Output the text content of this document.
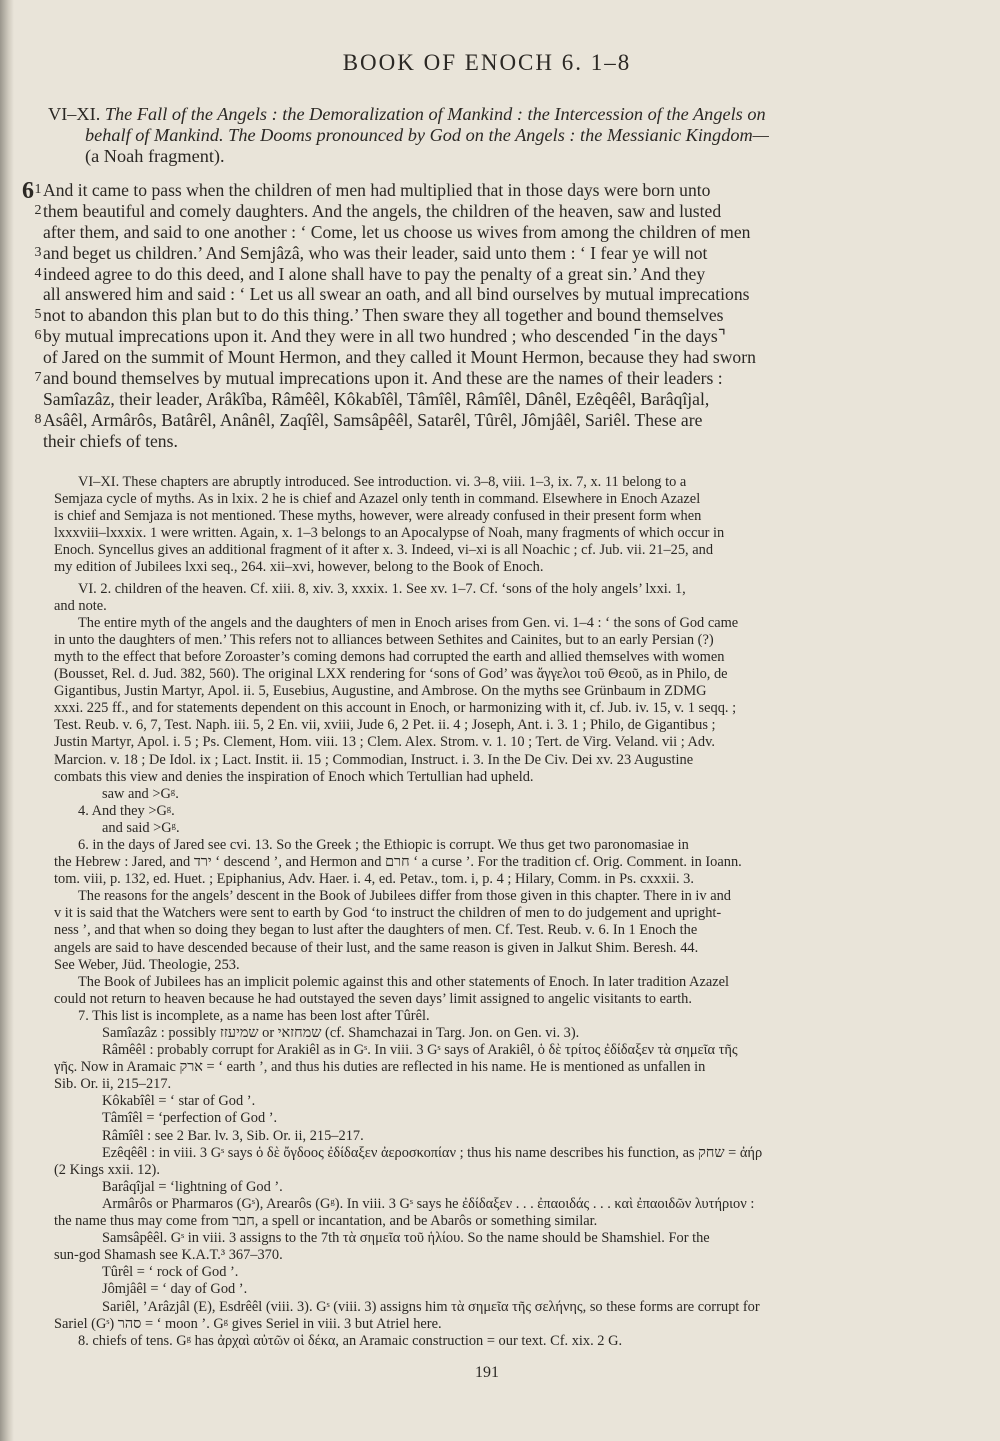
BOOK OF ENOCH 6. 1–8
VI–XI. The Fall of the Angels : the Demoralization of Mankind : the Intercession of the Angels on
behalf of Mankind. The Dooms pronounced by God on the Angels : the Messianic Kingdom—
(a Noah fragment).
6 1 And it came to pass when the children of men had multiplied that in those days were born unto
2 them beautiful and comely daughters. And the angels, the children of the heaven, saw and lusted
after them, and said to one another : ‘ Come, let us choose us wives from among the children of men
3 and beget us children.’ And Semjâzâ, who was their leader, said unto them : ‘ I fear ye will not
4 indeed agree to do this deed, and I alone shall have to pay the penalty of a great sin.’ And they
all answered him and said : ‘ Let us all swear an oath, and all bind ourselves by mutual imprecations
5 not to abandon this plan but to do this thing.’ Then sware they all together and bound themselves
6 by mutual imprecations upon it. And they were in all two hundred ; who descended ⌜in the days⌝
of Jared on the summit of Mount Hermon, and they called it Mount Hermon, because they had sworn
7 and bound themselves by mutual imprecations upon it. And these are the names of their leaders :
Samîazâz, their leader, Arâkîba, Râmêêl, Kôkabîêl, Tâmîêl, Râmîêl, Dânêl, Ezêqêêl, Barâqîjal,
8 Asâêl, Armârôs, Batârêl, Anânêl, Zaqîêl, Samsâpêêl, Satarêl, Tûrêl, Jômjâêl, Sariêl. These are
their chiefs of tens.
VI–XI. These chapters are abruptly introduced. See introduction. vi. 3–8, viii. 1–3, ix. 7, x. 11 belong to a
Semjaza cycle of myths. As in lxix. 2 he is chief and Azazel only tenth in command. Elsewhere in Enoch Azazel
is chief and Semjaza is not mentioned. These myths, however, were already confused in their present form when
lxxxviii–lxxxix. 1 were written. Again, x. 1–3 belongs to an Apocalypse of Noah, many fragments of which occur in
Enoch. Syncellus gives an additional fragment of it after x. 3. Indeed, vi–xi is all Noachic ; cf. Jub. vii. 21–25, and
my edition of Jubilees lxxi seq., 264. xii–xvi, however, belong to the Book of Enoch.
VI. 2. children of the heaven. Cf. xiii. 8, xiv. 3, xxxix. 1. See xv. 1–7. Cf. ‘sons of the holy angels’ lxxi. 1,
and note.
The entire myth of the angels and the daughters of men in Enoch arises from Gen. vi. 1–4 : ‘ the sons of God came
in unto the daughters of men.’ This refers not to alliances between Sethites and Cainites, but to an early Persian (?)
myth to the effect that before Zoroaster’s coming demons had corrupted the earth and allied themselves with women
(Bousset, Rel. d. Jud. 382, 560). The original LXX rendering for ‘sons of God’ was ἄγγελοι τοῦ Θεοῦ, as in Philo, de
Gigantibus, Justin Martyr, Apol. ii. 5, Eusebius, Augustine, and Ambrose. On the myths see Grünbaum in ZDMG
xxxi. 225 ff., and for statements dependent on this account in Enoch, or harmonizing with it, cf. Jub. iv. 15, v. 1 seqq. ;
Test. Reub. v. 6, 7, Test. Naph. iii. 5, 2 En. vii, xviii, Jude 6, 2 Pet. ii. 4 ; Joseph, Ant. i. 3. 1 ; Philo, de Gigantibus ;
Justin Martyr, Apol. i. 5 ; Ps. Clement, Hom. viii. 13 ; Clem. Alex. Strom. v. 1. 10 ; Tert. de Virg. Veland. vii ; Adv.
Marcion. v. 18 ; De Idol. ix ; Lact. Instit. ii. 15 ; Commodian, Instruct. i. 3. In the De Civ. Dei xv. 23 Augustine
combats this view and denies the inspiration of Enoch which Tertullian had upheld.
saw and >Gᵍ.
4. And they >Gᵍ.
and said >Gᵍ.
6. in the days of Jared see cvi. 13. So the Greek ; the Ethiopic is corrupt. We thus get two paronomasiae in
the Hebrew : Jared, and ירד ‘ descend ’, and Hermon and חרם ‘ a curse ’. For the tradition cf. Orig. Comment. in Ioann.
tom. viii, p. 132, ed. Huet. ; Epiphanius, Adv. Haer. i. 4, ed. Petav., tom. i, p. 4 ; Hilary, Comm. in Ps. cxxxii. 3.
The reasons for the angels’ descent in the Book of Jubilees differ from those given in this chapter. There in iv and
v it is said that the Watchers were sent to earth by God ‘to instruct the children of men to do judgement and upright-
ness ’, and that when so doing they began to lust after the daughters of men. Cf. Test. Reub. v. 6. In 1 Enoch the
angels are said to have descended because of their lust, and the same reason is given in Jalkut Shim. Beresh. 44.
See Weber, Jüd. Theologie, 253.
The Book of Jubilees has an implicit polemic against this and other statements of Enoch. In later tradition Azazel
could not return to heaven because he had outstayed the seven days’ limit assigned to angelic visitants to earth.
7. This list is incomplete, as a name has been lost after Tûrêl.
Samîazâz : possibly שמיעזז or שמחזאי (cf. Shamchazai in Targ. Jon. on Gen. vi. 3).
Râmêêl : probably corrupt for Arakiêl as in Gˢ. In viii. 3 Gˢ says of Arakiêl, ὁ δὲ τρίτος ἐδίδαξεν τὰ σημεῖα τῆς
γῆς. Now in Aramaic ארק = ‘ earth ’, and thus his duties are reflected in his name. He is mentioned as unfallen in
Sib. Or. ii, 215–217.
Kôkabîêl = ‘ star of God ’.
Tâmîêl = ‘perfection of God ’.
Râmîêl : see 2 Bar. lv. 3, Sib. Or. ii, 215–217.
Ezêqêêl : in viii. 3 Gˢ says ὁ δὲ ὄγδοος ἐδίδαξεν ἀεροσκοπίαν ; thus his name describes his function, as שחק = ἀήρ
(2 Kings xxii. 12).
Barâqîjal = ‘lightning of God ’.
Armârôs or Pharmaros (Gˢ), Arearôs (Gᵍ). In viii. 3 Gˢ says he ἐδίδαξεν . . . ἐπαοιδάς . . . καὶ ἐπαοιδῶν λυτήριον :
the name thus may come from חבר, a spell or incantation, and be Abarôs or something similar.
Samsâpêêl. Gˢ in viii. 3 assigns to the 7th τὰ σημεῖα τοῦ ἡλίου. So the name should be Shamshiel. For the
sun-god Shamash see K.A.T.³ 367–370.
Tûrêl = ‘ rock of God ’.
Jômjâêl = ‘ day of God ’.
Sariêl, ’Arâzjâl (E), Esdrêêl (viii. 3). Gˢ (viii. 3) assigns him τὰ σημεῖα τῆς σελήνης, so these forms are corrupt for
Sariel (Gˢ) סהר = ‘ moon ’. Gᵍ gives Seriel in viii. 3 but Atriel here.
8. chiefs of tens. Gᵍ has ἀρχαὶ αὐτῶν οἱ δέκα, an Aramaic construction = our text. Cf. xix. 2 G.
191
